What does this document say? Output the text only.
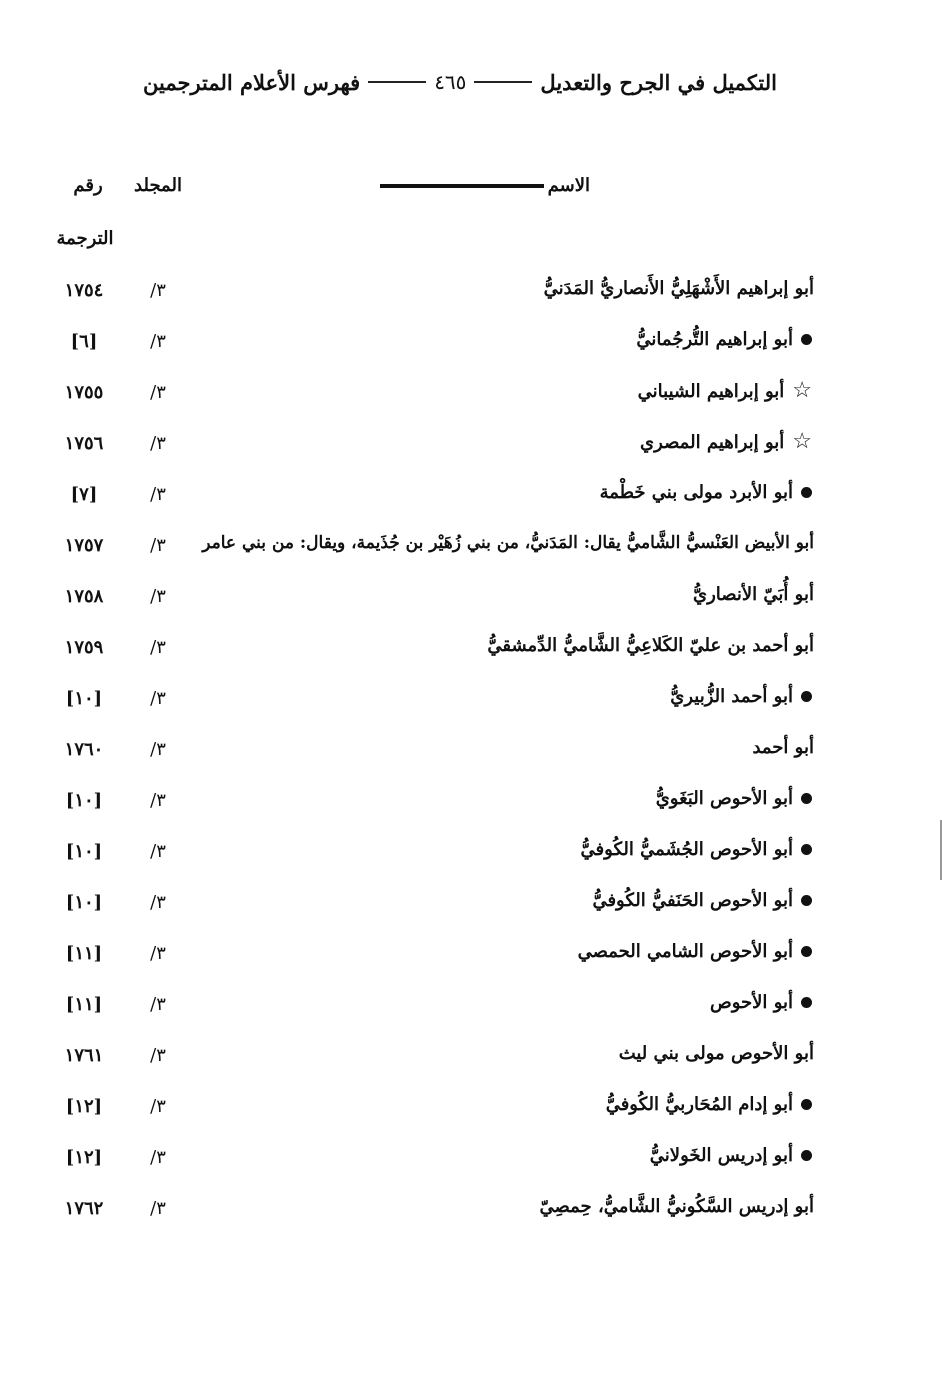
التكميل في الجرح والتعديل
٤٦٥
فهرس الأعلام المترجمين
الاسم
المجلد
رقم
الترجمة
أبو إبراهيم الأَشْهَلِيُّ الأَنصاريُّ المَدَنيُّ
٣/
١٧٥٤
أبو إبراهيم التُّرجُمانيُّ
٣/
[٦]
☆
أبو إبراهيم الشيباني
٣/
١٧٥٥
☆
أبو إبراهيم المصري
٣/
١٧٥٦
أبو الأبرد مولى بني خَطْمة
٣/
[٧]
أبو الأبيض العَنْسيُّ الشَّاميُّ يقال: المَدَنيُّ، من بني زُهَيْر بن جُذَيمة، ويقال: من بني عامر
٣/
١٧٥٧
أبو أُبَيّ الأنصاريُّ
٣/
١٧٥٨
أبو أحمد بن عليّ الكَلاعِيُّ الشَّاميُّ الدِّمشقيُّ
٣/
١٧٥٩
أبو أحمد الزُّبيريُّ
٣/
[١٠]
أبو أحمد
٣/
١٧٦٠
أبو الأحوص البَغَويُّ
٣/
[١٠]
أبو الأحوص الجُشَميُّ الكُوفيُّ
٣/
[١٠]
أبو الأحوص الحَنَفيُّ الكُوفيُّ
٣/
[١٠]
أبو الأحوص الشامي الحمصي
٣/
[١١]
أبو الأحوص
٣/
[١١]
أبو الأحوص مولى بني ليث
٣/
١٧٦١
أبو إدام المُحَاربيُّ الكُوفيُّ
٣/
[١٢]
أبو إدريس الخَولانيُّ
٣/
[١٢]
أبو إدريس السَّكُونيُّ الشَّاميُّ، حِمصِيّ
٣/
١٧٦٢
